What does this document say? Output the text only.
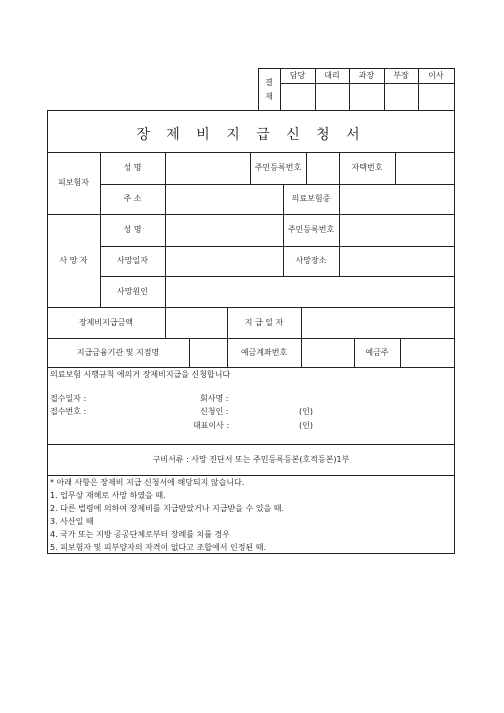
결
재
담당	대리	과장	부장	이사
장 제 비 지 급 신 청 서
피보험자
성 명	주민등록번호	자택번호
주 소	의료보험증
사 망 자
성 명	주민등록번호
사망일자	사망장소
사망원인
장제비지급금액	지 급 일 자
지급금융기관 및 지점명	예금계좌번호	예금주
의료보험 시행규칙 에의거 장제비지급을 신청합니다
접수일자 :
접수번호 :
회사명 :
신청인 :
대표이사 :
(인)
(인)
구비서류 : 사망 진단서 또는 주민등록등본(호적등본)1부
* 아래 사항은 장제비 지급 신청서에 해당되지 않습니다.
1. 업무상 재해로 사망 하였을 때.
2. 다른 법령에 의하여 장제비를 지급받았거나 지급받을 수 있을 때.
3. 사산일 때
4. 국가 또는 지방 공공단체로부터 장례를 치룰 경우
5. 피보험자 및 피부양자의 자격이 없다고 조합에서 인정된 때.
